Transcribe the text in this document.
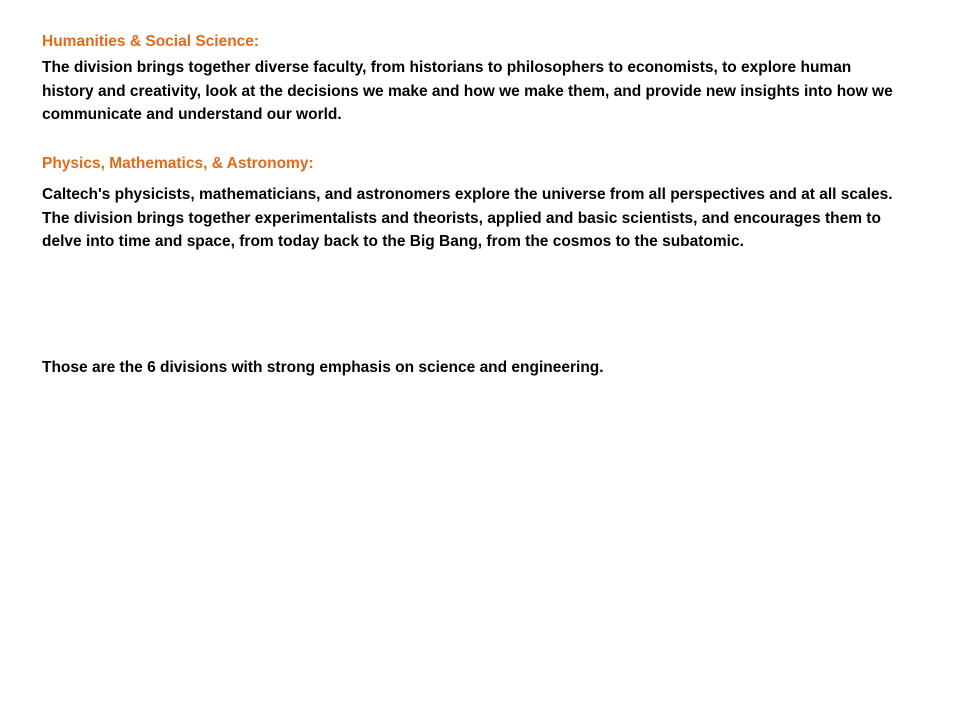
Humanities & Social Science:
The division brings together diverse faculty, from historians to philosophers to economists, to explore human history and creativity, look at the decisions we make and how we make them, and provide new insights into how we communicate and understand our world.
Physics, Mathematics, & Astronomy:
Caltech's physicists, mathematicians, and astronomers explore the universe from all perspectives and at all scales. The division brings together experimentalists and theorists, applied and basic scientists, and encourages them to delve into time and space, from today back to the Big Bang, from the cosmos to the subatomic.
Those are the 6 divisions with strong emphasis on science and engineering.
